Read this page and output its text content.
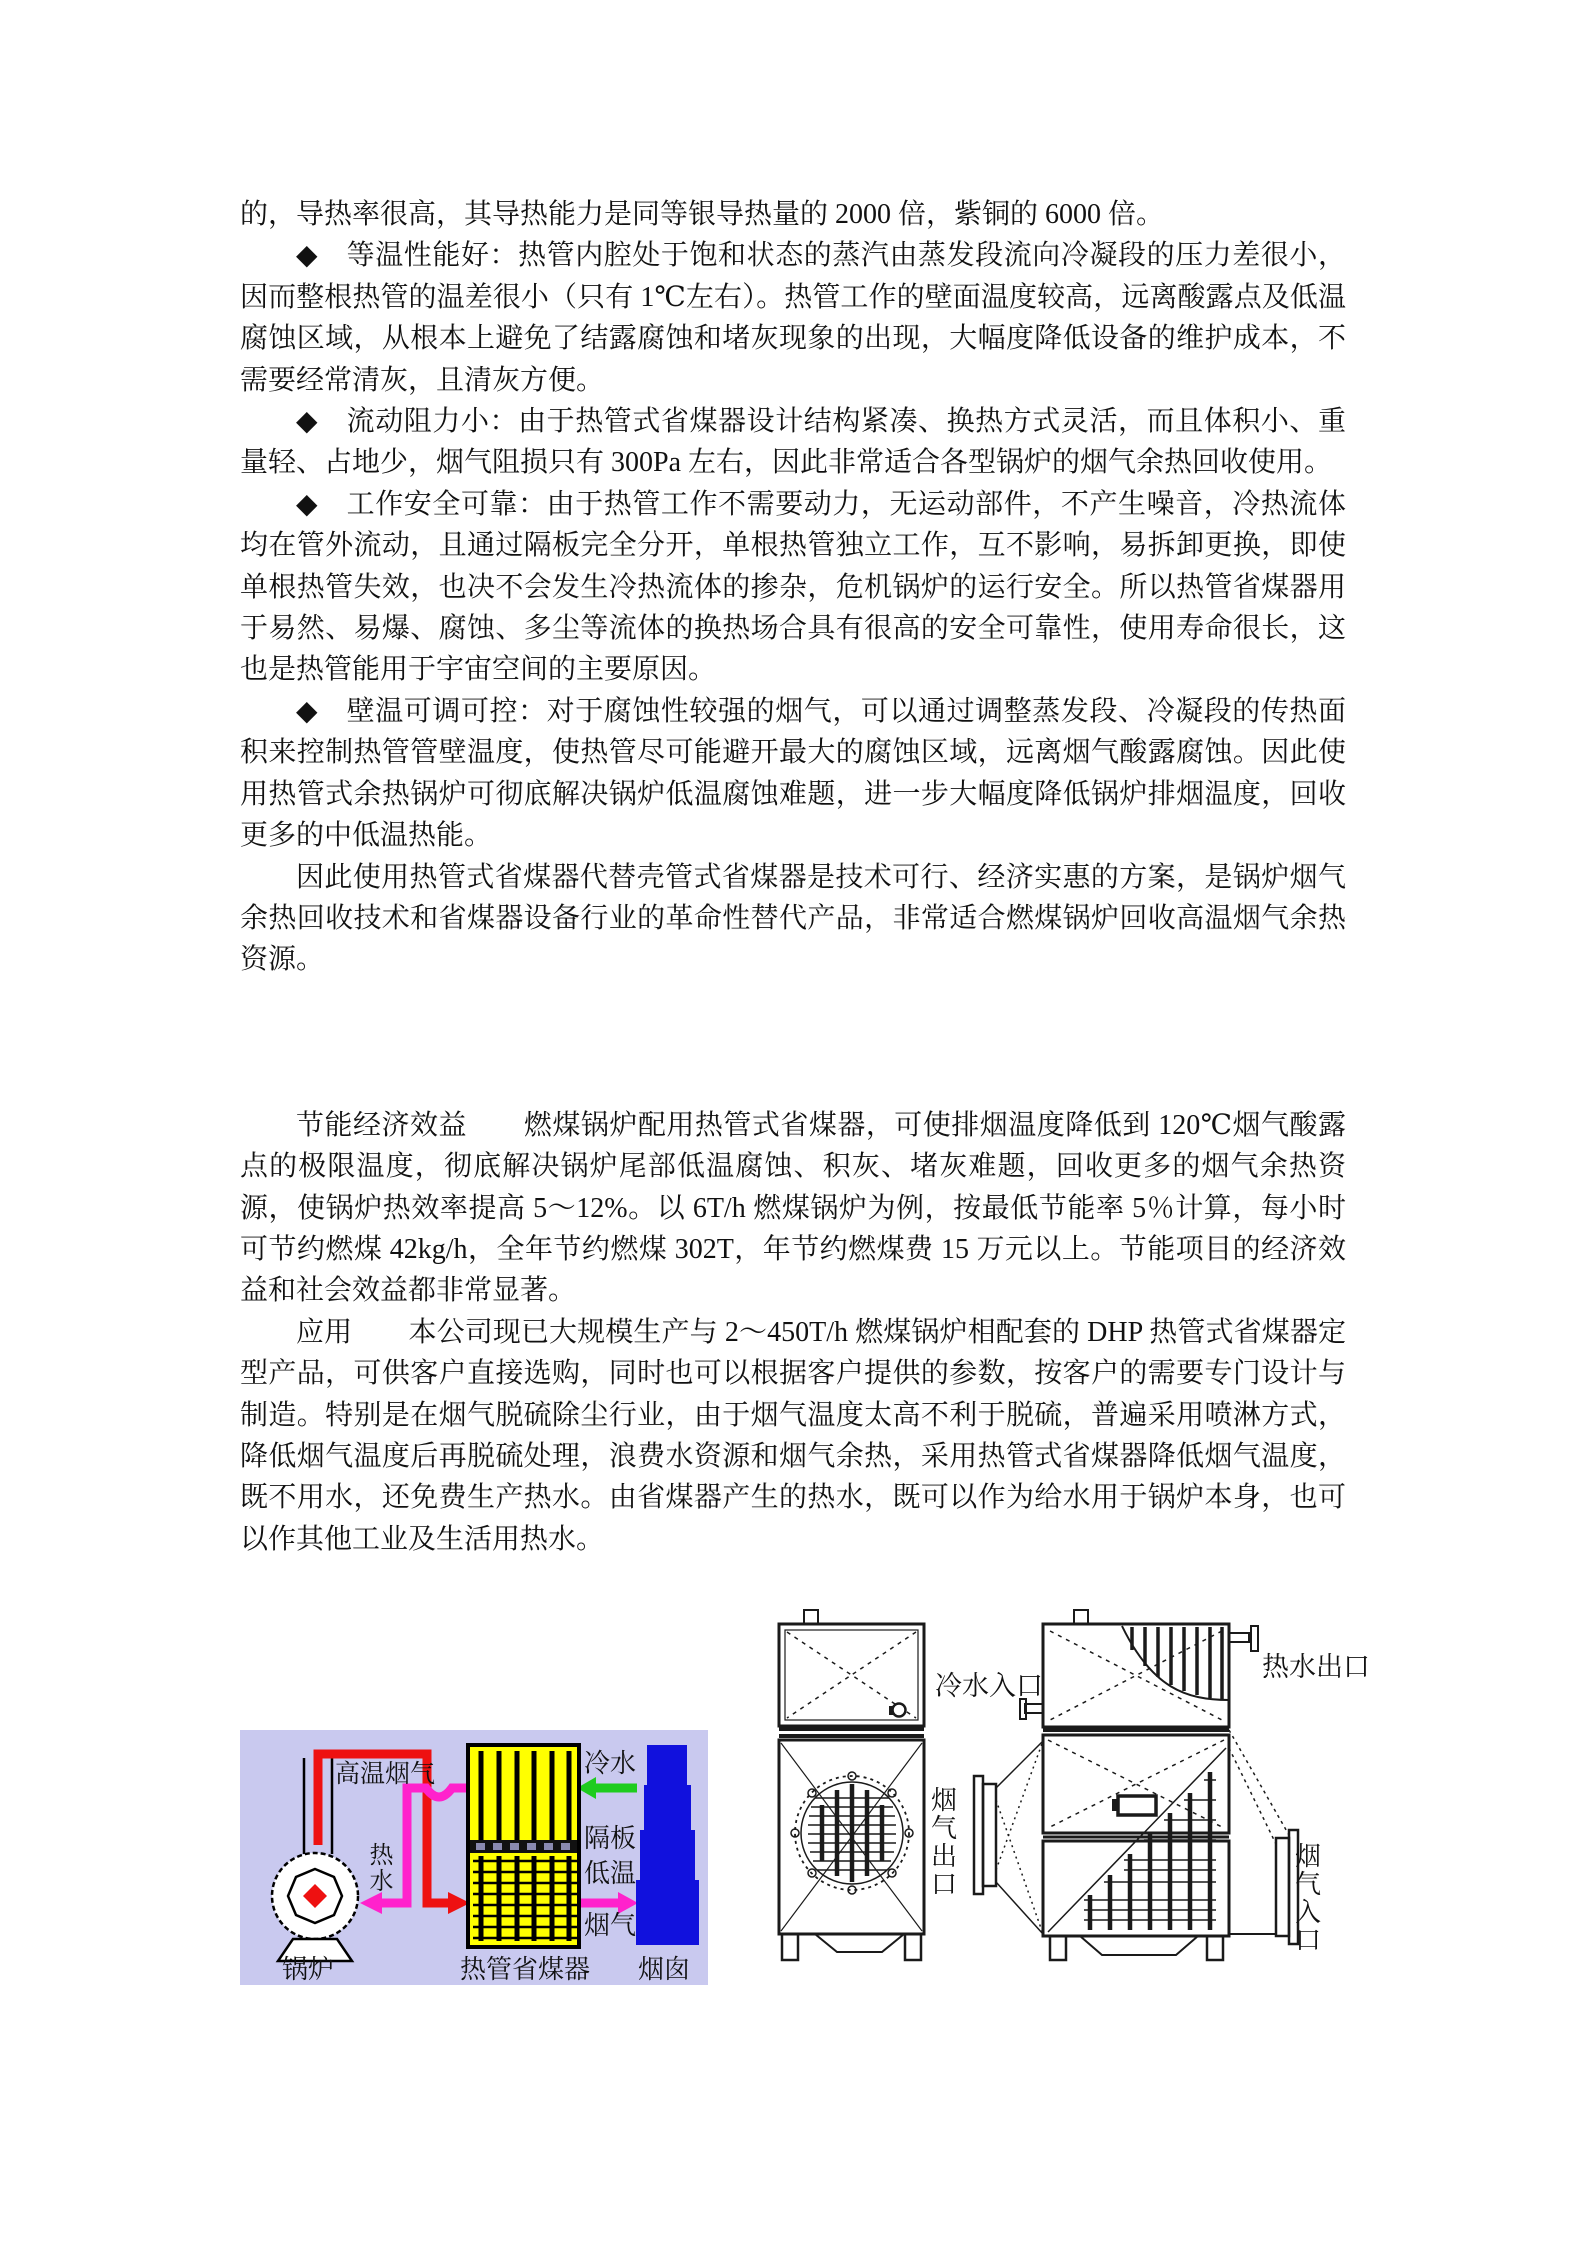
的，导热率很高，其导热能力是同等银导热量的 2000 倍，紫铜的 6000 倍。

◆　等温性能好：热管内腔处于饱和状态的蒸汽由蒸发段流向冷凝段的压力差很小，因而整根热管的温差很小（只有 1℃左右）。热管工作的壁面温度较高，远离酸露点及低温腐蚀区域，从根本上避免了结露腐蚀和堵灰现象的出现，大幅度降低设备的维护成本，不需要经常清灰，且清灰方便。

◆　流动阻力小：由于热管式省煤器设计结构紧凑、换热方式灵活，而且体积小、重量轻、占地少，烟气阻损只有 300Pa 左右，因此非常适合各型锅炉的烟气余热回收使用。

◆　工作安全可靠：由于热管工作不需要动力，无运动部件，不产生噪音，冷热流体均在管外流动，且通过隔板完全分开，单根热管独立工作，互不影响，易拆卸更换，即使单根热管失效，也决不会发生冷热流体的掺杂，危机锅炉的运行安全。所以热管省煤器用于易然、易爆、腐蚀、多尘等流体的换热场合具有很高的安全可靠性，使用寿命很长，这也是热管能用于宇宙空间的主要原因。

◆　壁温可调可控：对于腐蚀性较强的烟气，可以通过调整蒸发段、冷凝段的传热面积来控制热管管壁温度，使热管尽可能避开最大的腐蚀区域，远离烟气酸露腐蚀。因此使用热管式余热锅炉可彻底解决锅炉低温腐蚀难题，进一步大幅度降低锅炉排烟温度，回收更多的中低温热能。

因此使用热管式省煤器代替壳管式省煤器是技术可行、经济实惠的方案，是锅炉烟气余热回收技术和省煤器设备行业的革命性替代产品，非常适合燃煤锅炉回收高温烟气余热资源。

节能经济效益　　燃煤锅炉配用热管式省煤器，可使排烟温度降低到 120℃烟气酸露点的极限温度，彻底解决锅炉尾部低温腐蚀、积灰、堵灰难题，回收更多的烟气余热资源，使锅炉热效率提高 5～12%。以 6T/h 燃煤锅炉为例，按最低节能率 5％计算，每小时可节约燃煤 42kg/h，全年节约燃煤 302T，年节约燃煤费 15 万元以上。节能项目的经济效益和社会效益都非常显著。

应用　　本公司现已大规模生产与 2～450T/h 燃煤锅炉相配套的 DHP 热管式省煤器定型产品，可供客户直接选购，同时也可以根据客户提供的参数，按客户的需要专门设计与制造。特别是在烟气脱硫除尘行业，由于烟气温度太高不利于脱硫，普遍采用喷淋方式，降低烟气温度后再脱硫处理，浪费水资源和烟气余热，采用热管式省煤器降低烟气温度，既不用水，还免费生产热水。由省煤器产生的热水，既可以作为给水用于锅炉本身，也可以作其他工业及生活用热水。

高温烟气
热水
冷水
隔板
低温
烟气
锅炉	热管省煤器 烟囱
冷水入口
热水出口
烟气出口	烟气入口
